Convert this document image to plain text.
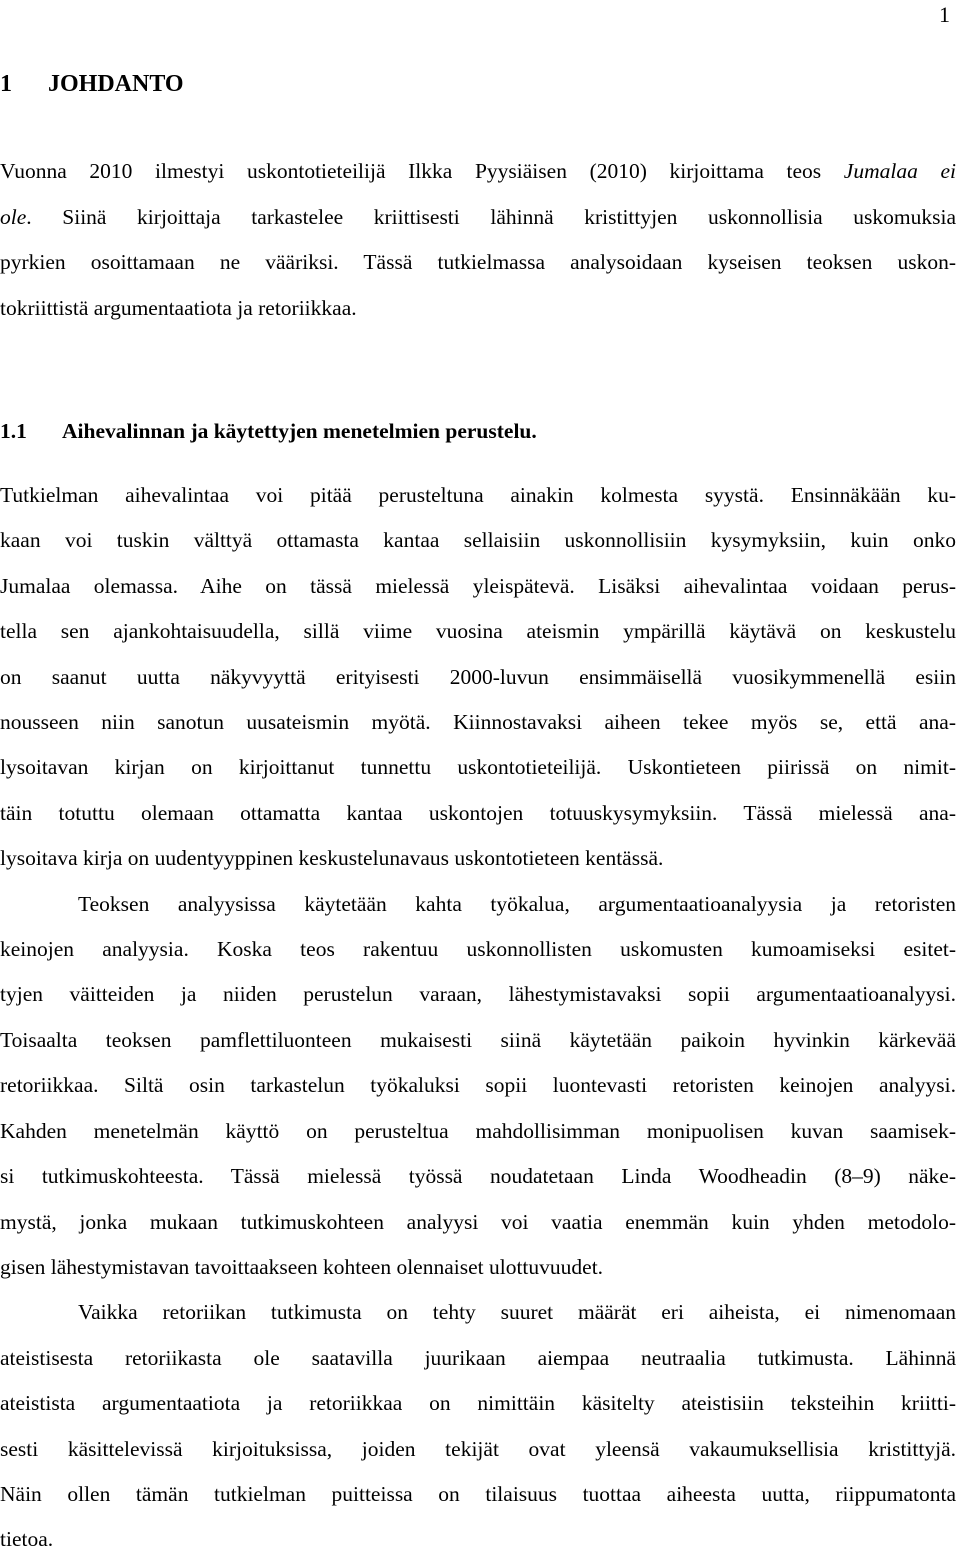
1
1 JOHDANTO
Vuonna 2010 ilmestyi uskontotieteilijä Ilkka Pyysiäisen (2010) kirjoittama teos Jumalaa ei
ole. Siinä kirjoittaja tarkastelee kriittisesti lähinnä kristittyjen uskonnollisia uskomuksia
pyrkien osoittamaan ne vääriksi. Tässä tutkielmassa analysoidaan kyseisen teoksen uskon-
tokriittistä argumentaatiota ja retoriikkaa.
1.1 Aihevalinnan ja käytettyjen menetelmien perustelu.
Tutkielman aihevalintaa voi pitää perusteltuna ainakin kolmesta syystä. Ensinnäkään ku-
kaan voi tuskin välttyä ottamasta kantaa sellaisiin uskonnollisiin kysymyksiin, kuin onko
Jumalaa olemassa. Aihe on tässä mielessä yleispätevä. Lisäksi aihevalintaa voidaan perus-
tella sen ajankohtaisuudella, sillä viime vuosina ateismin ympärillä käytävä on keskustelu
on saanut uutta näkyvyyttä erityisesti 2000-luvun ensimmäisellä vuosikymmenellä esiin
nousseen niin sanotun uusateismin myötä. Kiinnostavaksi aiheen tekee myös se, että ana-
lysoitavan kirjan on kirjoittanut tunnettu uskontotieteilijä. Uskontieteen piirissä on nimit-
täin totuttu olemaan ottamatta kantaa uskontojen totuuskysymyksiin. Tässä mielessä ana-
lysoitava kirja on uudentyyppinen keskustelunavaus uskontotieteen kentässä.
Teoksen analyysissa käytetään kahta työkalua, argumentaatioanalyysia ja retoristen
keinojen analyysia. Koska teos rakentuu uskonnollisten uskomusten kumoamiseksi esitet-
tyjen väitteiden ja niiden perustelun varaan, lähestymistavaksi sopii argumentaatioanalyysi.
Toisaalta teoksen pamflettiluonteen mukaisesti siinä käytetään paikoin hyvinkin kärkevää
retoriikkaa. Siltä osin tarkastelun työkaluksi sopii luontevasti retoristen keinojen analyysi.
Kahden menetelmän käyttö on perusteltua mahdollisimman monipuolisen kuvan saamisek-
si tutkimuskohteesta. Tässä mielessä työssä noudatetaan Linda Woodheadin (8–9) näke-
mystä, jonka mukaan tutkimuskohteen analyysi voi vaatia enemmän kuin yhden metodolo-
gisen lähestymistavan tavoittaakseen kohteen olennaiset ulottuvuudet.
Vaikka retoriikan tutkimusta on tehty suuret määrät eri aiheista, ei nimenomaan
ateistisesta retoriikasta ole saatavilla juurikaan aiempaa neutraalia tutkimusta. Lähinnä
ateistista argumentaatiota ja retoriikkaa on nimittäin käsitelty ateistisiin teksteihin kriitti-
sesti käsittelevissä kirjoituksissa, joiden tekijät ovat yleensä vakaumuksellisia kristittyjä.
Näin ollen tämän tutkielman puitteissa on tilaisuus tuottaa aiheesta uutta, riippumatonta
tietoa.
